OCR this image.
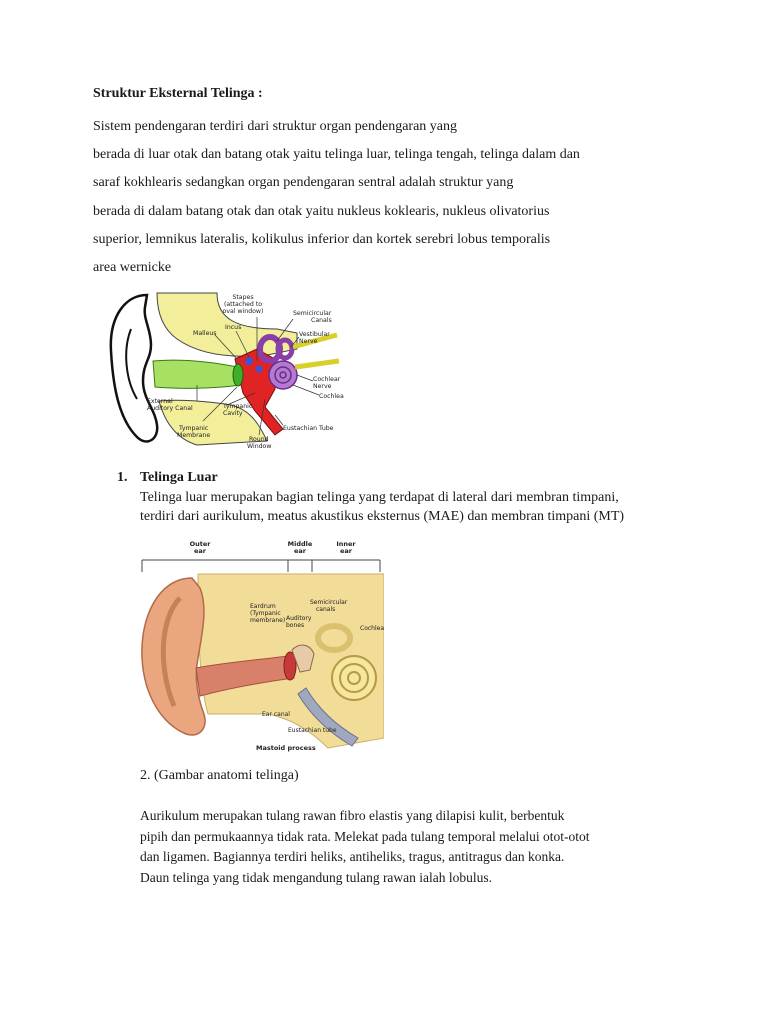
Struktur Eksternal Telinga :
Sistem pendengaran terdiri dari struktur organ pendengaran yang
berada di luar otak dan batang otak yaitu telinga luar, telinga tengah, telinga dalam dan
saraf kokhlearis sedangkan organ pendengaran sentral adalah struktur yang
berada di dalam batang otak dan otak yaitu nukleus koklearis, nukleus olivatorius
superior, lemnikus lateralis, kolikulus inferior dan kortek serebri lobus temporalis
area wernicke
Stapes
(attached to
oval window)
Incus
Malleus
Semicircular
Canals
Vestibular
Nerve
Cochlear
Nerve
Cochlea
External
Auditory Canal	Tympanic
Cavity
Eustachian Tube
Tympanic
Membrane
Round
Window
1. Telinga Luar
Telinga luar merupakan bagian telinga yang terdapat di lateral dari membran timpani,
terdiri dari aurikulum, meatus akustikus eksternus (MAE) dan membran timpani (MT)
Outer
ear
Middle
ear
Inner
ear
Eardrum
(Tympanic
membrane) Auditory
bones
Semicircular
canals
Cochlea
Ear canal
Eustachian tube
Mastoid process
2. (Gambar anatomi telinga)
Aurikulum merupakan tulang rawan fibro elastis yang dilapisi kulit, berbentuk
pipih dan permukaannya tidak rata. Melekat pada tulang temporal melalui otot-otot
dan ligamen. Bagiannya terdiri heliks, antiheliks, tragus, antitragus dan konka.
Daun telinga yang tidak mengandung tulang rawan ialah lobulus.
